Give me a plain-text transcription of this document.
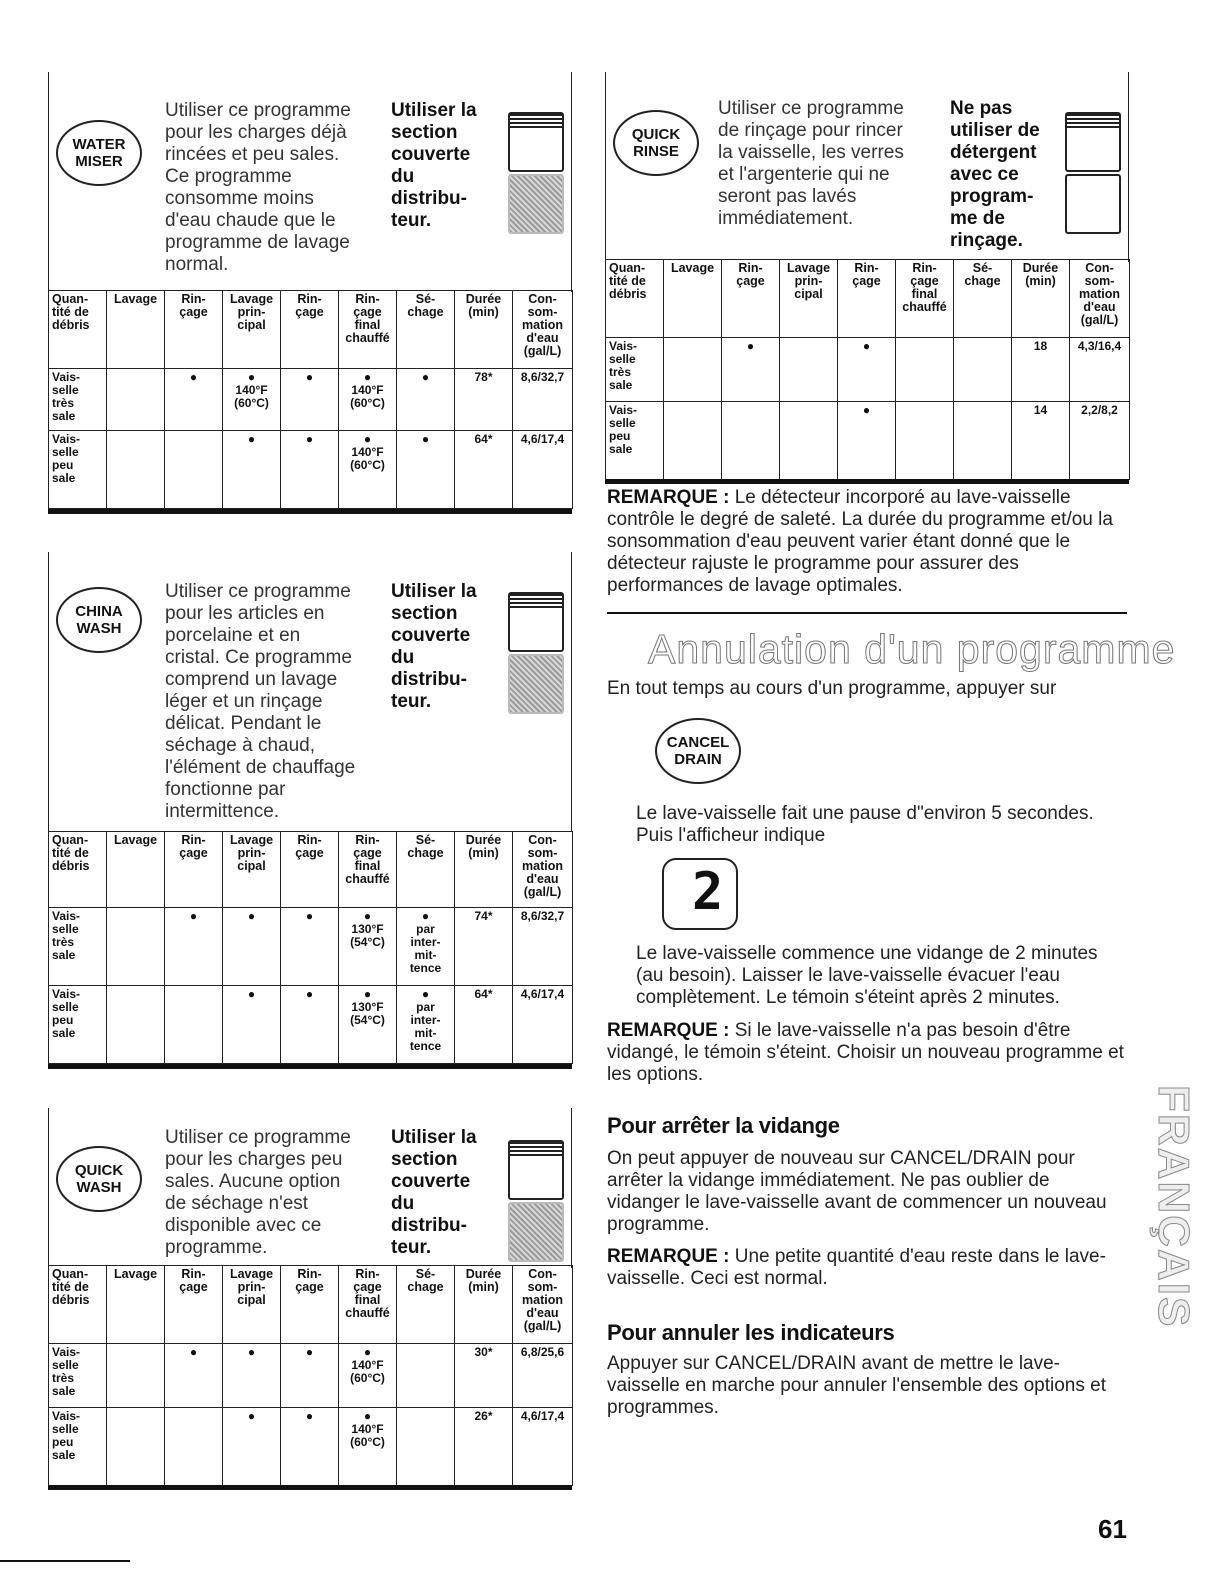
WATER
MISER
Utiliser ce programme
pour les charges déjà
rincées et peu sales.
Ce programme
consomme moins
d'eau chaude que le
programme de lavage
normal.
Utiliser la
section
couverte
du
distribu-
teur.
Quan-
tité de
débris	Lavage	Rin-
çage	Lavage
prin-
cipal	Rin-
çage	Rin-
çage
final
chauffé	Sé-
chage	Durée
(min)	Con-
som-
mation
d'eau
(gal/L)
Vais-
selle
très
sale		●	●
140°F
(60°C)	●	●
140°F
(60°C)	●	78*	8,6/32,7
Vais-
selle
peu
sale			●	●	●
140°F
(60°C)	●	64*	4,6/17,4
CHINA
WASH
Utiliser ce programme
pour les articles en
porcelaine et en
cristal. Ce programme
comprend un lavage
léger et un rinçage
délicat. Pendant le
séchage à chaud,
l'élément de chauffage
fonctionne par
intermittence.
Utiliser la
section
couverte
du
distribu-
teur.
Quan-
tité de
débris	Lavage	Rin-
çage	Lavage
prin-
cipal	Rin-
çage	Rin-
çage
final
chauffé	Sé-
chage	Durée
(min)	Con-
som-
mation
d'eau
(gal/L)
Vais-
selle
très
sale		●	●	●	●
130°F
(54°C)	●
par
inter-
mit-
tence	74*	8,6/32,7
Vais-
selle
peu
sale			●	●	●
130°F
(54°C)	●
par
inter-
mit-
tence	64*	4,6/17,4
QUICK
WASH
Utiliser ce programme
pour les charges peu
sales. Aucune option
de séchage n'est
disponible avec ce
programme.
Utiliser la
section
couverte
du
distribu-
teur.
Quan-
tité de
débris	Lavage	Rin-
çage	Lavage
prin-
cipal	Rin-
çage	Rin-
çage
final
chauffé	Sé-
chage	Durée
(min)	Con-
som-
mation
d'eau
(gal/L)
Vais-
selle
très
sale		●	●	●	●
140°F
(60°C)		30*	6,8/25,6
Vais-
selle
peu
sale			●	●	●
140°F
(60°C)		26*	4,6/17,4
QUICK
RINSE
Utiliser ce programme
de rinçage pour rincer
la vaisselle, les verres
et l'argenterie qui ne
seront pas lavés
immédiatement.
Ne pas
utiliser de
détergent
avec ce
program-
me de
rinçage.
Quan-
tité de
débris	Lavage	Rin-
çage	Lavage
prin-
cipal	Rin-
çage	Rin-
çage
final
chauffé	Sé-
chage	Durée
(min)	Con-
som-
mation
d'eau
(gal/L)
Vais-
selle
très
sale		●		●			18	4,3/16,4
Vais-
selle
peu
sale				●			14	2,2/8,2
REMARQUE : Le détecteur incorporé au lave-vaisselle contrôle le degré de saleté. La durée du programme et/ou la sonsommation d'eau peuvent varier étant donné que le détecteur rajuste le programme pour assurer des performances de lavage optimales.
Annulation d'un programme
En tout temps au cours d'un programme, appuyer sur
CANCEL
DRAIN
Le lave-vaisselle fait une pause d"environ 5 secondes. Puis l'afficheur indique
2
Le lave-vaisselle commence une vidange de 2 minutes (au besoin). Laisser le lave-vaisselle évacuer l'eau complètement. Le témoin s'éteint après 2 minutes.
REMARQUE : Si le lave-vaisselle n'a pas besoin d'être vidangé, le témoin s'éteint. Choisir un nouveau programme et les options.
Pour arrêter la vidange
On peut appuyer de nouveau sur CANCEL/DRAIN pour arrêter la vidange immédiatement. Ne pas oublier de vidanger le lave-vaisselle avant de commencer un nouveau programme.
REMARQUE : Une petite quantité d'eau reste dans le lave-vaisselle. Ceci est normal.
Pour annuler les indicateurs
Appuyer sur CANCEL/DRAIN avant de mettre le lave-vaisselle en marche pour annuler l'ensemble des options et programmes.
FRANÇAIS
61
